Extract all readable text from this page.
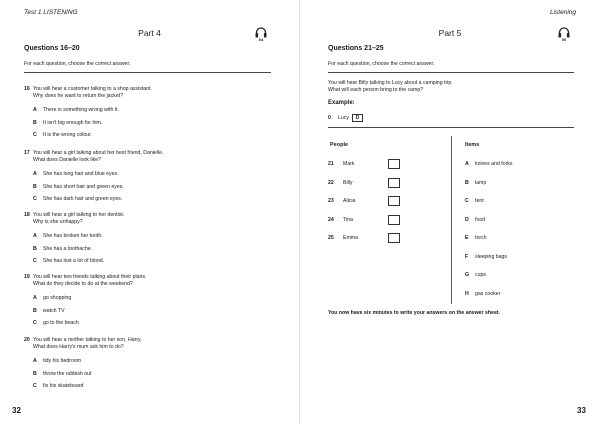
Test 1 LISTENING
Part 4
04
Questions 16–20
For each question, choose the correct answer.
16 You will hear a customer talking to a shop assistant.
Why does he want to return the jacket?
A There is something wrong with it.
B It isn't big enough for him.
C It is the wrong colour.
17 You will hear a girl talking about her best friend, Danielle.
What does Danielle look like?
A She has long hair and blue eyes.
B She has short hair and green eyes.
C She has dark hair and green eyes.
18 You will hear a girl talking to her dentist.
Why is she unhappy?
A She has broken her tooth.
B She has a toothache.
C She has lost a lot of blood.
19 You will hear two friends talking about their plans.
What do they decide to do at the weekend?
A go shopping
B watch TV
C go to the beach
20 You will hear a mother talking to her son, Harry.
What does Harry's mum ask him to do?
A tidy his bedroom
B throw the rubbish out
C fix his skateboard
32
Listening
Part 5
05
Questions 21–25
For each question, choose the correct answer.
You will hear Billy talking to Lucy about a camping trip.
What will each person bring to the camp?
Example:
0	Lucy	D
People	Items
21	Mark
22	Billy
23	Alicia
24	Tina
25	Emma
A	knives and forks
B	lamp
C	tent
D	food
E	torch
F	sleeping bags
G	cups
H	gas cooker
You now have six minutes to write your answers on the answer sheet.
33
